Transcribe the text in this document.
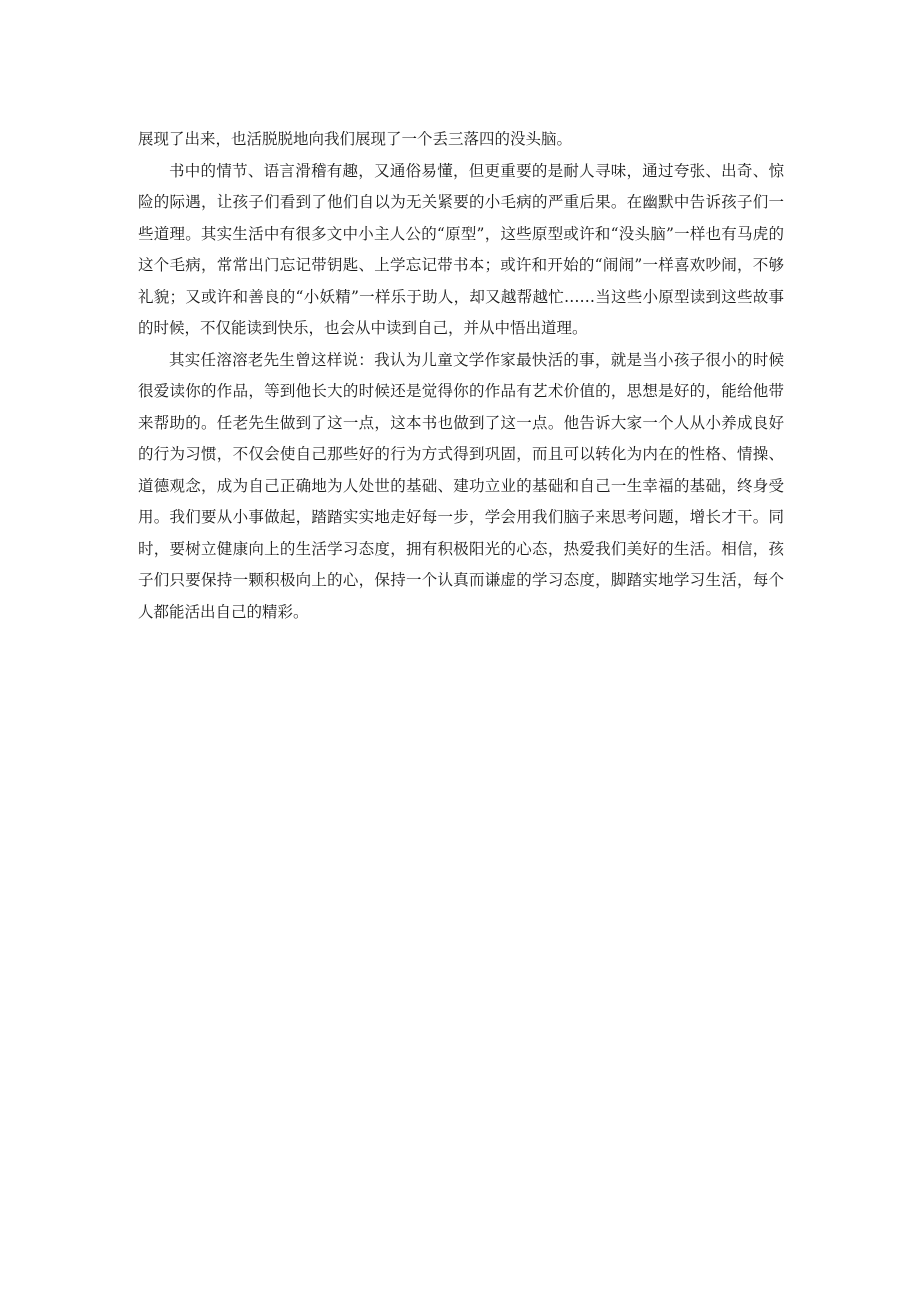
展现了出来，也活脱脱地向我们展现了一个丢三落四的没头脑。

书中的情节、语言滑稽有趣，又通俗易懂，但更重要的是耐人寻味，通过夸张、出奇、惊险的际遇，让孩子们看到了他们自以为无关紧要的小毛病的严重后果。在幽默中告诉孩子们一些道理。其实生活中有很多文中小主人公的“原型”，这些原型或许和“没头脑”一样也有马虎的这个毛病，常常出门忘记带钥匙、上学忘记带书本；或许和开始的“闹闹”一样喜欢吵闹，不够礼貌；又或许和善良的“小妖精”一样乐于助人，却又越帮越忙……当这些小原型读到这些故事的时候，不仅能读到快乐，也会从中读到自己，并从中悟出道理。

其实任溶溶老先生曾这样说：我认为儿童文学作家最快活的事，就是当小孩子很小的时候很爱读你的作品，等到他长大的时候还是觉得你的作品有艺术价值的，思想是好的，能给他带来帮助的。任老先生做到了这一点，这本书也做到了这一点。他告诉大家一个人从小养成良好的行为习惯，不仅会使自己那些好的行为方式得到巩固，而且可以转化为内在的性格、情操、道德观念，成为自己正确地为人处世的基础、建功立业的基础和自己一生幸福的基础，终身受用。我们要从小事做起，踏踏实实地走好每一步，学会用我们脑子来思考问题，增长才干。同时，要树立健康向上的生活学习态度，拥有积极阳光的心态，热爱我们美好的生活。相信，孩子们只要保持一颗积极向上的心，保持一个认真而谦虚的学习态度，脚踏实地学习生活，每个人都能活出自己的精彩。
